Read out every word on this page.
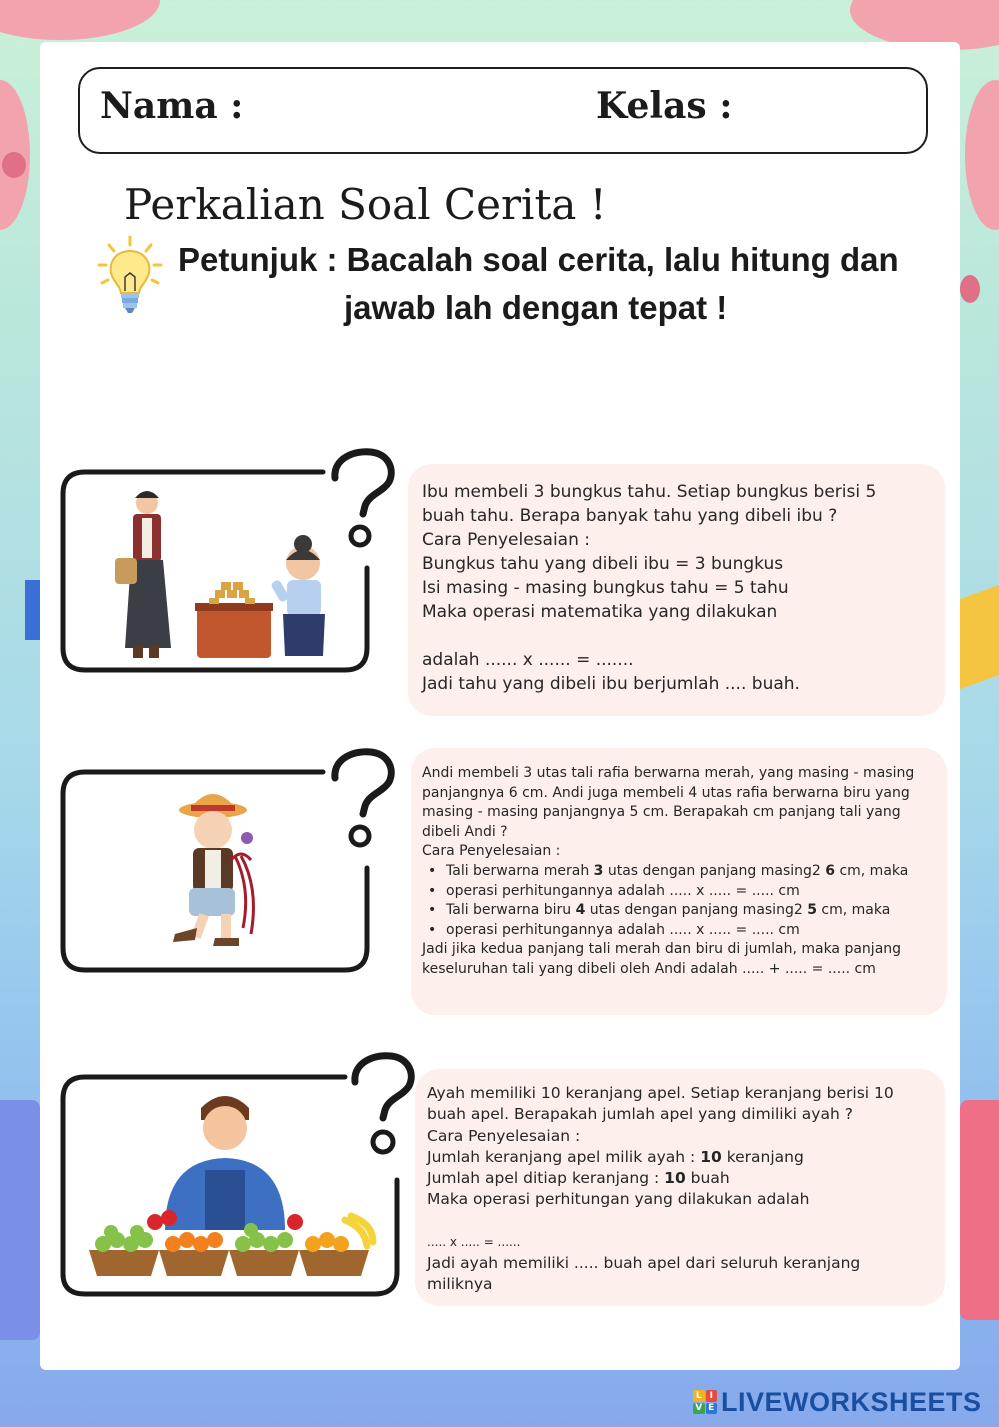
Nama :	Kelas :
Perkalian Soal Cerita !
Petunjuk : Bacalah soal cerita, lalu hitung dan
jawab lah dengan tepat !

Ibu membeli 3 bungkus tahu. Setiap bungkus berisi 5

buah tahu. Berapa banyak tahu yang dibeli ibu ?

Cara Penyelesaian :

Bungkus tahu yang dibeli ibu = 3 bungkus

Isi masing - masing bungkus tahu = 5 tahu

Maka operasi matematika yang dilakukan

adalah ...... x ...... = .......

Jadi tahu yang dibeli ibu berjumlah .... buah.

Andi membeli 3 utas tali rafia berwarna merah, yang masing - masing

panjangnya 6 cm. Andi juga membeli 4 utas rafia berwarna biru yang

masing - masing panjangnya 5 cm. Berapakah cm panjang tali yang

dibeli Andi ?

Cara Penyelesaian :

• Tali berwarna merah 3 utas dengan panjang masing2 6 cm, maka
• operasi perhitungannya adalah ..... x ..... = ..... cm
• Tali berwarna biru 4 utas dengan panjang masing2 5 cm, maka
• operasi perhitungannya adalah ..... x ..... = ..... cm

Jadi jika kedua panjang tali merah dan biru di jumlah, maka panjang

keseluruhan tali yang dibeli oleh Andi adalah ..... + ..... = ..... cm

Ayah memiliki 10 keranjang apel. Setiap keranjang berisi 10

buah apel. Berapakah jumlah apel yang dimiliki ayah ?

Cara Penyelesaian :

Jumlah keranjang apel milik ayah : 10 keranjang

Jumlah apel ditiap keranjang : 10 buah

Maka operasi perhitungan yang dilakukan adalah

..... x ..... = ......

Jadi ayah memiliki ..... buah apel dari seluruh keranjang

miliknya

L I
V E LIVEWORKSHEETS
